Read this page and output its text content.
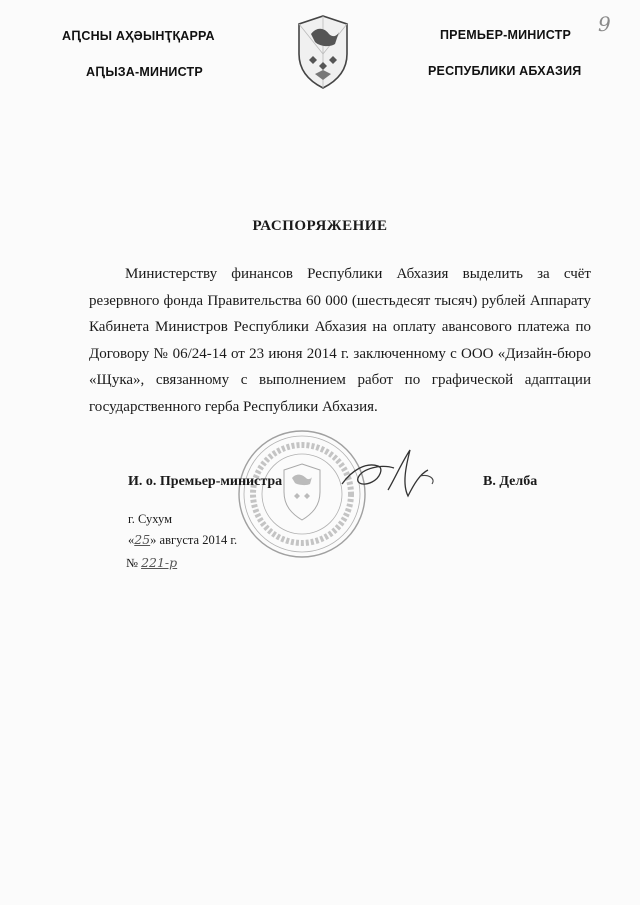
АԤСНЫ АҲӘЫНҬҚАРРА
АԤЫЗА-МИНИСТР
ПРЕМЬЕР-МИНИСТР
РЕСПУБЛИКИ АБХАЗИЯ
9
РАСПОРЯЖЕНИЕ

Министерству финансов Республики Абхазия выделить за счёт резервного фонда Правительства 60 000 (шестьдесят тысяч) рублей Аппарату Кабинета Министров Республики Абхазия на оплату авансового платежа по Договору № 06/24-14 от 23 июня 2014 г. заключенному с ООО «Дизайн-бюро «Щука», связанному с выполнением работ по графической адаптации государственного герба Республики Абхазия.

И. о. Премьер-министра	В. Делба
г. Сухум
«25» августа 2014 г.
№ 221-р
